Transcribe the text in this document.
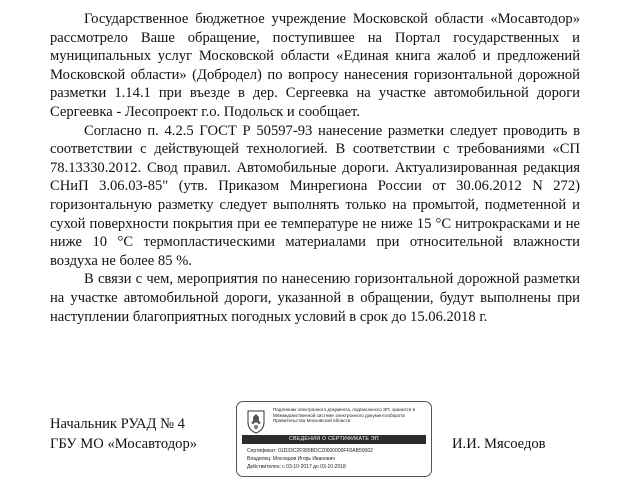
Государственное бюджетное учреждение Московской области «Мосавтодор» рассмотрело Ваше обращение, поступившее на Портал государственных и муниципальных услуг Московской области «Единая книга жалоб и предложений Московской области» (Добродел) по вопросу нанесения горизонтальной дорожной разметки 1.14.1 при въезде в дер. Сергеевка на участке автомобильной дороги Сергеевка - Лесопроект г.о. Подольск и сообщает.

Согласно п. 4.2.5 ГОСТ Р 50597-93 нанесение разметки следует проводить в соответствии с действующей технологией. В соответствии с требованиями «СП 78.13330.2012. Свод правил. Автомобильные дороги. Актуализированная редакция СНиП 3.06.03-85" (утв. Приказом Минрегиона России от 30.06.2012 N 272) горизонтальную разметку следует выполнять только на промытой, подметенной и сухой поверхности покрытия при ее температуре не ниже 15 °С нитрокрасками и не ниже 10 °С термопластическими материалами при относительной влажности воздуха не более 85 %.

В связи с чем, мероприятия по нанесению горизонтальной дорожной разметки на участке автомобильной дороги, указанной в обращении, будут выполнены при наступлении благоприятных погодных условий в срок до 15.06.2018 г.

Начальник РУАД № 4
ГБУ МО «Мосавтодор»
Подлинник электронного документа, подписанного ЭП, хранится в Межведомственной системе электронного документооборота Правительства Московской области
СВЕДЕНИЯ О СЕРТИФИКАТЕ ЭП
Сертификат: 01D33C2F995BDC20000000FF0AB50002
Владелец: Мясоедов Игорь Иванович
Действителен: с 03-10-2017 до 03-10-2018
И.И. Мясоедов
